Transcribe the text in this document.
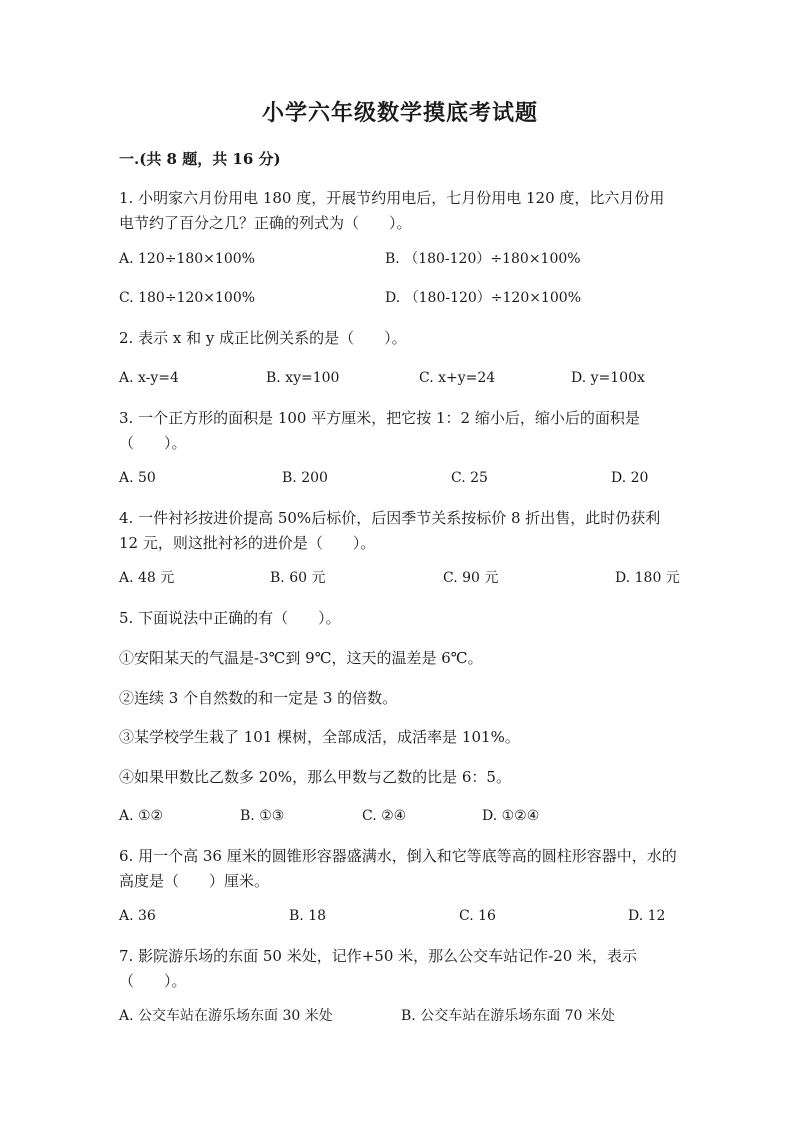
小学六年级数学摸底考试题
一.(共 8 题，共 16 分)
1. 小明家六月份用电 180 度，开展节约用电后，七月份用电 120 度，比六月份用电节约了百分之几？正确的列式为（　　）。
A. 120÷180×100%	B. （180-120）÷180×100%
C. 180÷120×100%	D. （180-120）÷120×100%
2. 表示 x 和 y 成正比例关系的是（　　）。
A. x-y=4	B. xy=100	C. x+y=24	D. y=100x
3. 一个正方形的面积是 100 平方厘米，把它按 1：2 缩小后，缩小后的面积是（　　）。
A. 50	B. 200	C. 25	D. 20
4. 一件衬衫按进价提高 50%后标价，后因季节关系按标价 8 折出售，此时仍获利 12 元，则这批衬衫的进价是（　　）。
A. 48 元	B. 60 元	C. 90 元	D. 180 元
5. 下面说法中正确的有（　　）。
①安阳某天的气温是-3℃到 9℃，这天的温差是 6℃。
②连续 3 个自然数的和一定是 3 的倍数。
③某学校学生栽了 101 棵树，全部成活，成活率是 101%。
④如果甲数比乙数多 20%，那么甲数与乙数的比是 6：5。
A. ①②	B. ①③	C. ②④	D. ①②④
6. 用一个高 36 厘米的圆锥形容器盛满水，倒入和它等底等高的圆柱形容器中，水的高度是（　　）厘米。
A. 36	B. 18	C. 16	D. 12
7. 影院游乐场的东面 50 米处，记作+50 米，那么公交车站记作-20 米，表示（　　）。
A. 公交车站在游乐场东面 30 米处	B. 公交车站在游乐场东面 70 米处
